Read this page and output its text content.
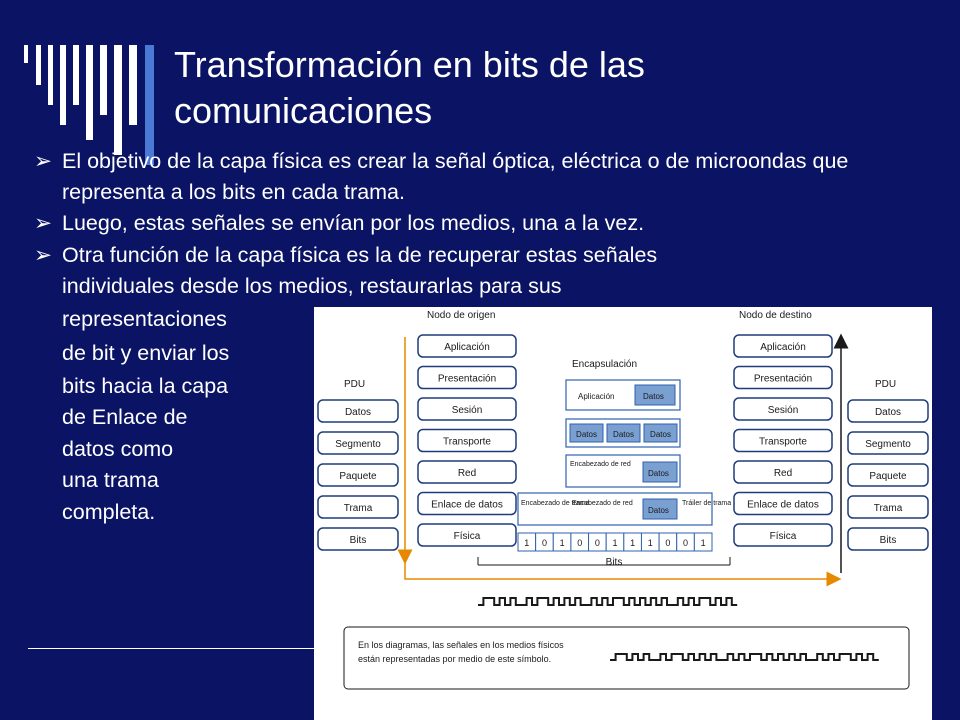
Transformación en bits de las
comunicaciones
➢ El objetivo de la capa física es crear la señal óptica, eléctrica o de microondas que representa a los bits en cada trama.
➢ Luego, estas señales se envían por los medios, una a la vez.
➢ Otra función de la capa física es la de recuperar estas señales
individuales desde los medios, restaurarlas para sus
representaciones
de bit y enviar los
bits hacia la capa
de Enlace de
datos como
una trama
completa.
Nodo de origen	Nodo de destino
PDU	PDU
Encapsulación
Datos
Segmento
Paquete
Trama
Bits
Datos
Segmento
Paquete
Trama
Bits
Aplicación
Presentación
Sesión
Transporte
Red
Enlace de datos
Física
Aplicación
Presentación
Sesión
Transporte
Red
Enlace de datos
Física
Aplicación	Datos
Datos Datos Datos
Encabezado de red
Datos
Encabezado de trama
Encabezado de red
Datos
Tráiler de trama
1 0 1 0 0 1 1 1 0 0 1
Bits
En los diagramas, las señales en los medios físicos
están representadas por medio de este símbolo.
